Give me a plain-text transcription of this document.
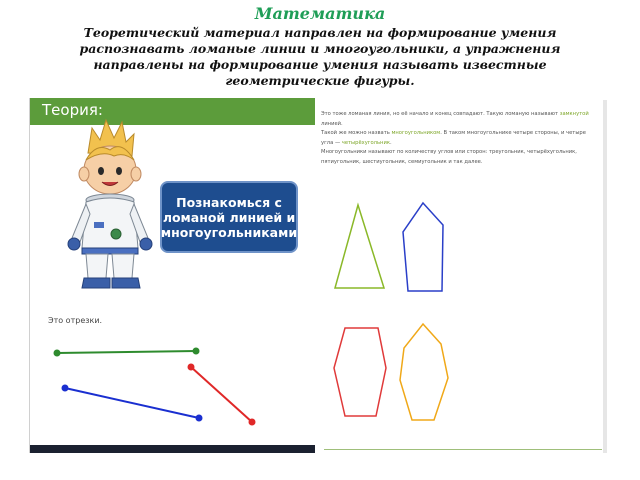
Математика
Теоретический материал направлен на формирование умения распознавать ломаные линии и многоугольники, а упражнения направлены на формирование умения называть известные геометрические фигуры.
Теория:
Познакомься с ломаной линией и многоугольниками
Это отрезки.
Это тоже ломаная линия, но её начало и конец совпадают. Такую ломаную называют замкнутой линией.
Такой же можно назвать многоугольником. В таком многоугольнике четыре стороны, и четыре угла — четырёхугольник.
Многоугольники называют по количеству углов или сторон: треугольник, четырёхугольник, пятиугольник, шестиугольник, семиугольник и так далее.
